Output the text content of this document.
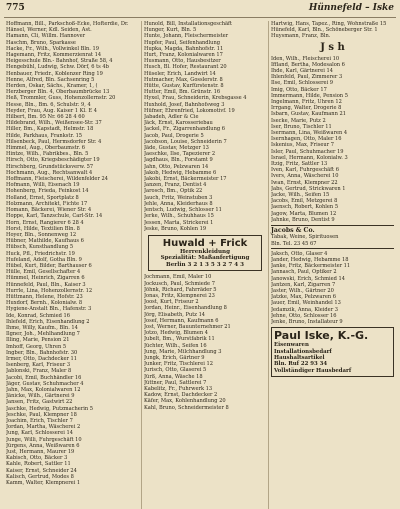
775	Hünnefeld – Iske
Hoffmann, Bill., Parkschoß-Ecke, Hofterdie, Dr.
Hänsel, Werner, Kdl. Seiden, Ast.
Hamann, Cli, Willm. Hannover
Haschm, Bruno, Sparkasse
Hacke, Fr., Wilh., Vollwinkel Bln. 19
Hagemann, Fritz, Kommerzienrat 14
Heigesschule Bln.- Bahnhof, Straße 58, 4
Hengebühl, Ludwig, Schw. Dörf, 6 ts 4b
Henbauer, Friedr., Koblenzer Ring 19
Henne, Alfred, Bln. Sachsenring 5
Herden, Oskar, Sächs., Kramer, 1, (
Herzberger Bln. 4, Oberbaumbrücke 13
Heß, Trommler, Guss, Hohenzollernstr. 20
Hesse, Bln., Bm. 6, Schulstr. 9, 4
Heyder, Frau, Aug. Kaiser 1 Kl. E 4
Hilbert, Bm. 95 Nr. 66 28 4 60
Hildebrand, Wilh., Weißensee-Str. 37
Hiller, Bm., Kapstadt, Helmstr. 18
Hilde, Parkhaus, Frankstr. 15
Hilsenbeck, Paul, Hermsdorfer Str. 4
Himmel, Aug., Oberbaumstr. 6
Hintze, Wilh., Fabrikbes., Bln. 5
Hirsch, Otto, Kriegsbeschädigter 19
Hirschberg, Grundstücksverw. 57
Hochmann, Aug., Rechtsanwalt 4
Hoffmann, Fleischerei, Wildenfelder 24
Hofmann, Willi, Eisenach 19
Hohenberg, Frieda, Feinkost 14
Holland, Ernst, Sportplatz 8
Holzmann, Architekt, Fichte 17
Homann, Bäckerei, Wiener Str. 4
Hoppe, Karl, Tanzschule, Carl-Str. 14
Horn, Ernst, Rangierer 6 28 4
Horst, Hilde, Textilien Bln. 8
Hoyer, Bln., Sonnenweg 12
Hübner, Mathilde, Kaufhaus 6
Hübsch, Kunsthandlung 5
Huck, Pfl., Friedrichstr. 19
Hufeland, Adolf, Gotha Bln. 9
Hübel, Kurt, Bilder, Barthauser 6
Hülle, Emil, Gesellschafter 4
Hümmel, Heinrich, Zigarren 6
Hünnefeld, Paul, Bln., Kaiser 3
Hurrle, Lina, Hohenzollernstr. 12
Hüttmann, Helene, Hofstr. 23
Huxdorf, Bernh., Kolonialw. 8
Hygiene-Anstalt Bln., Hafenstr. 3
Ide, Konrad, Schmied 16
Ihlefeld, Erich, Eisenhandlung 2
Ihme, Willy, Kaufm., Bln. 14
Ilgner, Joh., Mehlhandlung 7
Illing, Marie, Pension 21
Imhoff, Georg, Uhren 5
Ingber, Bln., Bahnhofstr. 30
Irmer, Otto, Dachdecker 11
Isenberg, Karl, Friseur 3
Jablonski, Franz, Maler 8
Jacobi, Emil, Buchhändler 16
Jäger, Gustav, Schuhmacher 4
Jahn, Max, Kolonialwaren 12
Jänicke, Wilh., Gärtnerei 9
Jansen, Fritz, Gastwirt 22
Jaschke, Hedwig, Putzmacherin 5
Jeschke, Paul, Klempner 18
Joachim, Erich, Tischler 7
Jordan, Martha, Wäscherei 2
Jung, Karl, Schlosserei 14
Junge, Willi, Fuhrgeschäft 10
Jürgens, Anna, Weißwaren 6
Just, Hermann, Maurer 19
Kabisch, Otto, Bäcker 3
Kahle, Robert, Sattler 11
Kaiser, Ernst, Schneider 24
Kalisch, Gertrud, Modes 8
Kamm, Walter, Klempnerei 1
Hunold, Bill, Installationsgeschäft
Hunger, Kurt, Bln. 5
Hunte, Johann, Fleischermeister
Hupfer, Paul, Seifenhandlung
Hupka, Magda, Bahnhofstr. 11
Hurt, Franz, Kolonialwaren 17
Husmann, Otto, Hausbesitzer
Husch, Bl. Hofer, Restaurant 20
Hüseler, Erich, Landwirt 14
Hutmacher, Max, Gosslerstr. 8
Hütte, Gustav, Kurfürstenstr. 8
Hutter, Emil, Bm. Grünstr. 16
Hyxel, Frau, Schneiderin, Krebsgasse 4
Huxhold, Josef, Bahnhofsweg 3
Hüfner, Ehrenfried, Lokomotivf. 19
Jabadeh, Adler & Cie
Jäck, Ernst, Karosseriebau
Jackel, Fr., Zigarrenhandlung 6
Jacob, Paul, Drogerie 5
Jacobson, Louise, Schneiderin 7
Jäde, Gustav, Metzger 13
Jaeschke, Ilse, Tapezierer 2
Jagdhaus, Bln., Forstamt 9
Jahn, Otto, Pelzwaren 14
Jakob, Hedwig, Hebamme 6
Jakobi, Ernst, Bäckermeister 17
Janzen, Franz, Dentist 4
Jarosch, Bm., Optik 22
Jauch, Fritz, Weinstuben 3
Jehle, Anna, Kleiderhaus 8
Jentsch, Ludwig, Schlosser 11
Jerke, Wilh., Schuhhaus 15
Jessen, Marta, Strickerei 1
Jeske, Bruno, Kohlen 19
Huwald + Frick
Herrenkleidung
Spezialität: Maßanfertigung
Berlin 3 2 1 3 5 3 2 7 4 3
Jochmann, Emil, Maler 10
Jockusch, Paul, Schmiede 7
Jöhnk, Richard, Fahrräder 5
Jonas, Fritz, Klempnerei 23
Joost, Kurt, Friseur 2
Jordan, Heinr., Eisenhandlung 8
Jörg, Elisabeth, Putz 14
Josef, Hermann, Kaufmann 6
Jost, Werner, Bauunternehmer 21
Jotzo, Hedwig, Blumen 4
Jubelt, Bm., Wurstfabrik 11
Jüchter, Wilh., Seifen 16
Jung, Marie, Milchhandlung 3
Jungk, Erich, Gärtner 9
Junker, Fritz, Tischlerei 12
Jurisch, Otto, Glaserei 5
Jürß, Anna, Wäsche 18
Jüttner, Paul, Sattlerei 7
Kabelitz, Fr., Fuhrwerk 13
Kadow, Ernst, Dachdecker 2
Käfer, Max, Kohlenhandlung 20
Kahl, Bruno, Schneidermeister 8
Hartwig, Hans, Tapez., Ring, Wohnstraße 15
Hünefeld, Karl, Bln., Schöneberger Str. 1
Huysmann, Franz, Bln.
J s h
Iden, Wilh., Fleischerei 10
Iffland, Bertha, Modesalon 6
Ihde, Karl, Gärtnerei 14
Ihlenfeld, Paul, Zimmerer 3
Ilse, Emil, Schlosserei 9
Imig, Otto, Bäcker 17
Immermann, Hilde, Pension 5
Ingelmann, Fritz, Uhren 12
Irrgang, Walter, Drogerie 8
Isbarn, Gustav, Kaufmann 21
Isecke, Marie, Putz 2
Iser, Bruno, Tischler 11
Isermann, Lina, Weißwaren 4
Isernhagen, Otto, Maler 16
Iskenius, Max, Friseur 7
Isler, Paul, Schuhmacher 19
Israel, Hermann, Kolonialw. 3
Itzig, Fritz, Sattler 13
Iven, Karl, Fuhrgeschäft 6
Ivers, Anna, Wäscherei 10
Iwan, Ernst, Klempner 22
Jabs, Gertrud, Strickwaren 1
Jacke, Wilh., Seifen 15
Jacobs, Emil, Metzgerei 8
Jaensch, Robert, Kohlen 5
Jagow, Marta, Blumen 12
Jahnke, Bruno, Dentist 9
Jacobs & Co.
Tabak, Weine, Spirituosen
Bln. Tel. 23 45 67
Jaksch, Otto, Glaser 4
Jander, Hedwig, Hebamme 18
Janke, Fritz, Bäckermeister 11
Jannasch, Paul, Optiker 2
Janowski, Erich, Schmied 14
Jantzen, Karl, Zigarren 7
Jaster, Wilh., Gärtner 20
Jatzke, Max, Pelzwaren 6
Jauer, Emil, Weinhandel 13
Jedamzik, Anna, Kleider 3
Jehne, Otto, Schlosser 16
Jenke, Bruno, Installateur 9
Paul Iske, K.-G.
Eisenwaren
Installationsbedarf
Haushaltsartikel
Bln. Ruf 22 93 34
Vollständiger Hausbedarf
